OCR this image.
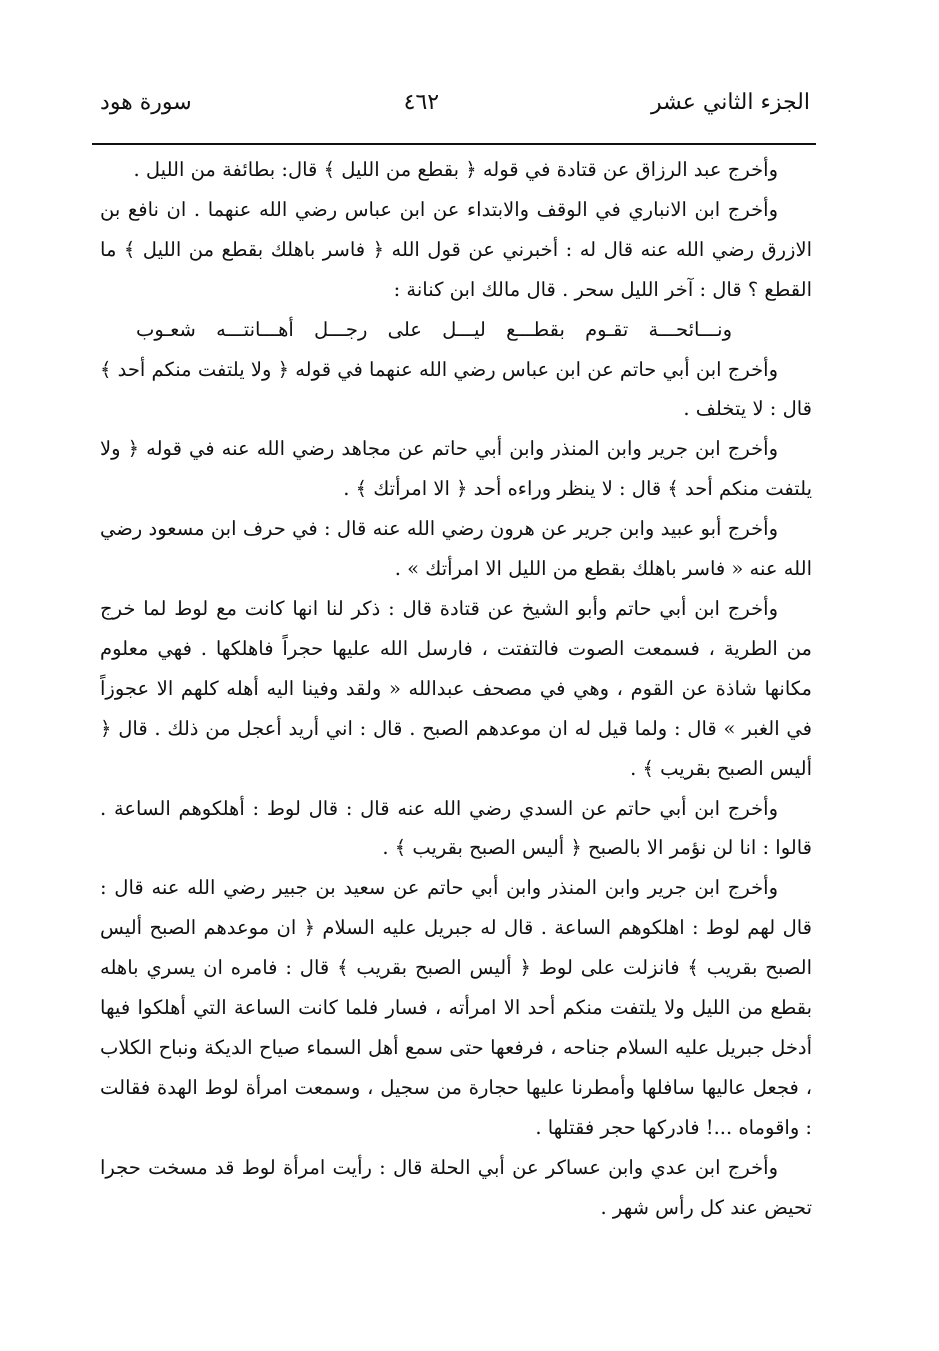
الجزء الثاني عشر
٤٦٢
سورة هود

وأخرج عبد الرزاق عن قتادة في قوله ﴿ بقطع من الليل ﴾ قال: بطائفة من الليل .

وأخرج ابن الانباري في الوقف والابتداء عن ابن عباس رضي الله عنهما . ان نافع بن الازرق رضي الله عنه قال له : أخبرني عن قول الله ﴿ فاسر باهلك بقطع من الليل ﴾ ما القطع ؟ قال : آخر الليل سحر . قال مالك ابن كنانة :

ونـــائحـــة تقـوم بقطـــع ليـــل على رجـــل أهـــانتـــه شعـوب

وأخرج ابن أبي حاتم عن ابن عباس رضي الله عنهما في قوله ﴿ ولا يلتفت منكم أحد ﴾ قال : لا يتخلف .

وأخرج ابن جرير وابن المنذر وابن أبي حاتم عن مجاهد رضي الله عنه في قوله ﴿ ولا يلتفت منكم أحد ﴾ قال : لا ينظر وراءه أحد ﴿ الا امرأتك ﴾ .

وأخرج أبو عبيد وابن جرير عن هرون رضي الله عنه قال : في حرف ابن مسعود رضي الله عنه « فاسر باهلك بقطع من الليل الا امرأتك » .

وأخرج ابن أبي حاتم وأبو الشيخ عن قتادة قال : ذكر لنا انها كانت مع لوط لما خرج من الطرية ، فسمعت الصوت فالتفتت ، فارسل الله عليها حجراً فاهلكها . فهي معلوم مكانها شاذة عن القوم ، وهي في مصحف عبدالله « ولقد وفينا اليه أهله كلهم الا عجوزاً في الغبر » قال : ولما قيل له ان موعدهم الصبح . قال : اني أريد أعجل من ذلك . قال ﴿ أليس الصبح بقريب ﴾ .

وأخرج ابن أبي حاتم عن السدي رضي الله عنه قال : قال لوط : أهلكوهم الساعة . قالوا : انا لن نؤمر الا بالصبح ﴿ أليس الصبح بقريب ﴾ .

وأخرج ابن جرير وابن المنذر وابن أبي حاتم عن سعيد بن جبير رضي الله عنه قال : قال لهم لوط : اهلكوهم الساعة . قال له جبريل عليه السلام ﴿ ان موعدهم الصبح أليس الصبح بقريب ﴾ فانزلت على لوط ﴿ أليس الصبح بقريب ﴾ قال : فامره ان يسري باهله بقطع من الليل ولا يلتفت منكم أحد الا امرأته ، فسار فلما كانت الساعة التي أهلكوا فيها أدخل جبريل عليه السلام جناحه ، فرفعها حتى سمع أهل السماء صياح الديكة ونباح الكلاب ، فجعل عاليها سافلها وأمطرنا عليها حجارة من سجيل ، وسمعت امرأة لوط الهدة فقالت : واقوماه ...! فادركها حجر فقتلها .

وأخرج ابن عدي وابن عساكر عن أبي الحلة قال : رأيت امرأة لوط قد مسخت حجرا تحيض عند كل رأس شهر .
